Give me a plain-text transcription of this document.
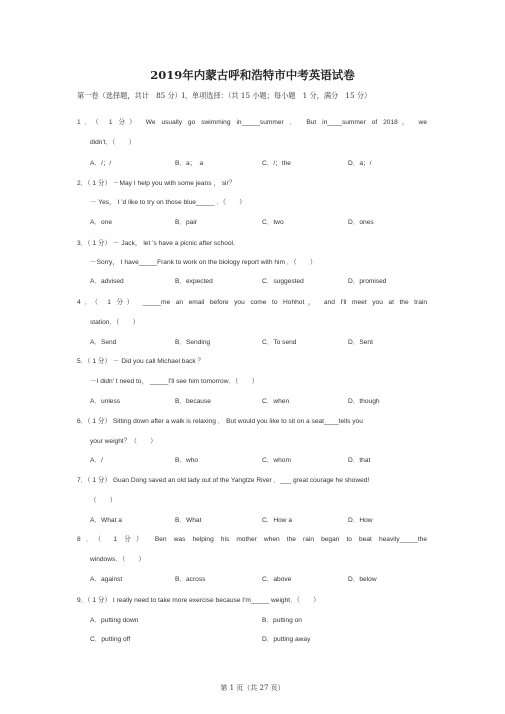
2019年内蒙古呼和浩特市中考英语试卷
第一卷（选择题，共计　85 分）Ⅰ、单项选择：（共 15 小题；每小题　1 分，满分　15 分）
1．（ 1 分） We usually go swimming in_____summer ． But in____summer of 2018， we
didn't．（　　）
A．/；/	B．a；　a	C．/；the	D．a；/
2．（ 1 分） －May I help you with some jeans ， sir？
－ Yes， I ’d like to try on those blue_____ ．（　　）
A．one	B．pair	C．two	D．ones
3．（ 1 分） － Jack， let ’s have a picnic after school．
－Sorry， I have_____Frank to work on the biology report with him ．（　　）
A．advised	B．expected	C．suggested	D．promised
4．（ 1 分） _____me an email before you come to Hohhot， and I'll meet you at the train
station．（　　）
A．Send	B．Sending	C．To send	D．Sent
5．（ 1 分） － Did you call Michael back ？
－I didn' t need to， _____I'll see him tomorrow．（　　）
A．unless	B．because	C．when	D．though
6．（ 1 分） Sitting down after a walk is relaxing ． But would you like to sit on a seat____tells you
your weight？（　　）
A．/	B．who	C．whom	D．that
7．（ 1 分） Guan Dong saved an old lady out of the Yangtze River ．___ great courage he showed!
（　　）
A．What a	B．What	C．How a	D．How
8．（ 1 分） Ben was helping his mother when the rain began to beat heavily_____the
windows．（　　）
A．against	B．across	C．above	D．below
9．（ 1 分） I really need to take more exercise because I'm_____ weight．（　　）
A．putting down	B．putting on
C．putting off	D．putting away
第 1 页（共 27 页）
